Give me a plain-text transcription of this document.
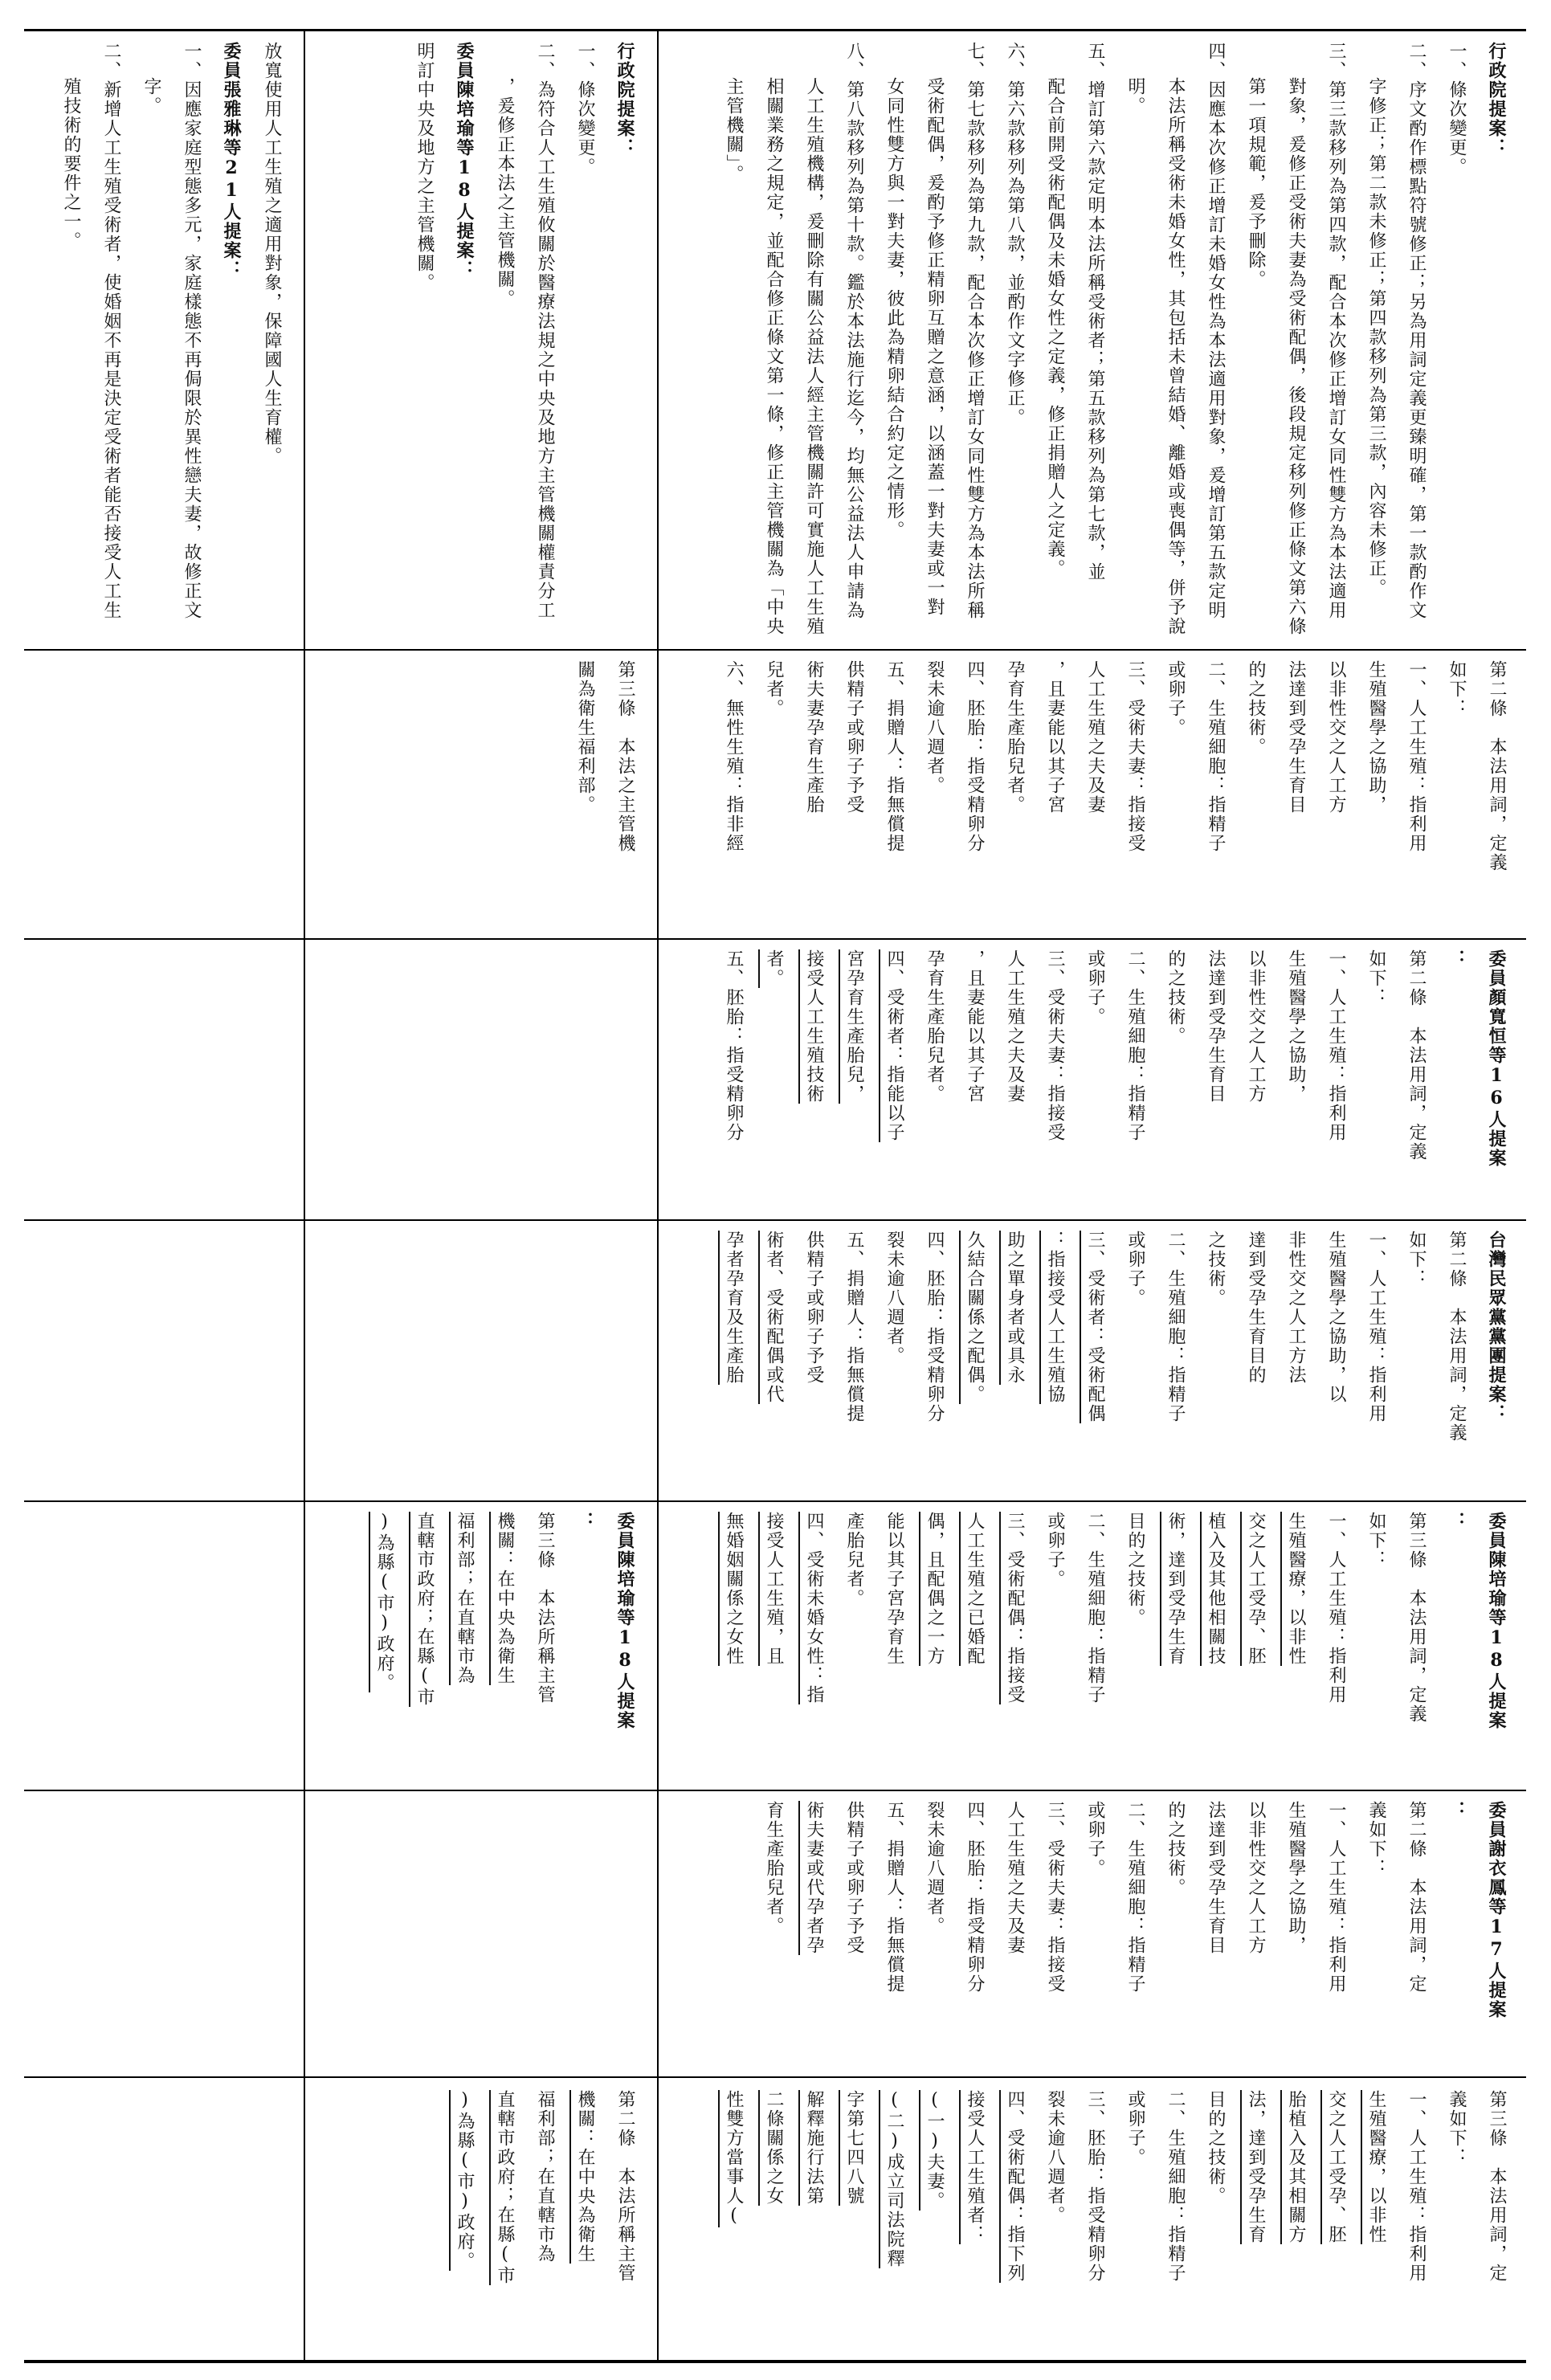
第二條　本法所稱主管
機關：在中央為衛生
福利部；在直轄市為
直轄市政府；在縣(市
)為縣(市)政府。
委員陳培瑜等18人提案
：
第三條　本法所稱主管
機關：在中央為衛生
福利部；在直轄市為
直轄市政府；在縣(市
)為縣(市)政府。
第三條　本法之主管機
關為衛生福利部。
行政院提案：
一、條次變更。
二、為符合人工生殖攸關於醫療法規之中央及地方主管機關權責分工
，爰修正本法之主管機關。
委員陳培瑜等18人提案：
明訂中央及地方之主管機關。
第三條　本法用詞，定
義如下：
一、人工生殖：指利用
生殖醫療，以非性
交之人工受孕、胚
胎植入及其相關方
法，達到受孕生育
目的之技術。
二、生殖細胞：指精子
或卵子。
三、胚胎：指受精卵分
裂未逾八週者。
四、受術配偶：指下列
接受人工生殖者：
(一)夫妻。
(二)成立司法院釋
字第七四八號
解釋施行法第
二條關係之女
性雙方當事人(
委員謝衣鳳等17人提案
：
第二條　本法用詞，定
義如下：
一、人工生殖：指利用
生殖醫學之協助，
以非性交之人工方
法達到受孕生育目
的之技術。
二、生殖細胞：指精子
或卵子。
三、受術夫妻：指接受
人工生殖之夫及妻
四、胚胎：指受精卵分
裂未逾八週者。
五、捐贈人：指無償提
供精子或卵子予受
術夫妻或代孕者孕
育生產胎兒者。
委員陳培瑜等18人提案
：
第三條　本法用詞，定義
如下：
一、人工生殖：指利用
生殖醫療，以非性
交之人工受孕、胚
植入及其他相關技
術，達到受孕生育
目的之技術。
二、生殖細胞：指精子
或卵子。
三、受術配偶：指接受
人工生殖之已婚配
偶，且配偶之一方
能以其子宮孕育生
產胎兒者。
四、受術未婚女性：指
接受人工生殖，且
無婚姻關係之女性
台灣民眾黨黨團提案：
第二條　本法用詞，定義
如下：
一、人工生殖：指利用
生殖醫學之協助，以
非性交之人工方法
達到受孕生育目的
之技術。
二、生殖細胞：指精子
或卵子。
三、受術者：受術配偶
：指接受人工生殖協
助之單身者或具永
久結合關係之配偶。
四、胚胎：指受精卵分
裂未逾八週者。
五、捐贈人：指無償提
供精子或卵子予受
術者、受術配偶或代
孕者孕育及生產胎
委員顏寬恒等16人提案
：
第二條　本法用詞，定義
如下：
一、人工生殖：指利用
生殖醫學之協助，
以非性交之人工方
法達到受孕生育目
的之技術。
二、生殖細胞：指精子
或卵子。
三、受術夫妻：指接受
人工生殖之夫及妻
，且妻能以其子宮
孕育生產胎兒者。
四、受術者：指能以子
宮孕育生產胎兒，
接受人工生殖技術
者。
五、胚胎：指受精卵分
第二條　本法用詞，定義
如下：
一、人工生殖：指利用
生殖醫學之協助，
以非性交之人工方
法達到受孕生育目
的之技術。
二、生殖細胞：指精子
或卵子。
三、受術夫妻：指接受
人工生殖之夫及妻
，且妻能以其子宮
孕育生產胎兒者。
四、胚胎：指受精卵分
裂未逾八週者。
五、捐贈人：指無償提
供精子或卵子予受
術夫妻孕育生產胎
兒者。
六、無性生殖：指非經
行政院提案：
一、條次變更。
二、序文酌作標點符號修正；另為用詞定義更臻明確，第一款酌作文
字修正；第二款未修正；第四款移列為第三款，內容未修正。
三、第三款移列為第四款，配合本次修正增訂女同性雙方為本法適用
對象，爰修正受術夫妻為受術配偶，後段規定移列修正條文第六條
第一項規範，爰予刪除。
四、因應本次修正增訂未婚女性為本法適用對象，爰增訂第五款定明
本法所稱受術未婚女性，其包括未曾結婚、離婚或喪偶等，併予說
明。
五、增訂第六款定明本法所稱受術者；第五款移列為第七款，並
配合前開受術配偶及未婚女性之定義，修正捐贈人之定義。
六、第六款移列為第八款，並酌作文字修正。
七、第七款移列為第九款，配合本次修正增訂女同性雙方為本法所稱
受術配偶，爰酌予修正精卵互贈之意涵，以涵蓋一對夫妻或一對
女同性雙方與一對夫妻，彼此為精卵結合約定之情形。
八、第八款移列為第十款。鑑於本法施行迄今，均無公益法人申請為
人工生殖機構，爰刪除有關公益法人經主管機關許可實施人工生殖
相關業務之規定，並配合修正條文第一條，修正主管機關為「中央
主管機關」。
放寬使用人工生殖之適用對象，保障國人生育權。
委員張雅琳等21人提案：
一、因應家庭型態多元，家庭樣態不再侷限於異性戀夫妻，故修正文
字。
二、新增人工生殖受術者，使婚姻不再是決定受術者能否接受人工生
殖技術的要件之一。
